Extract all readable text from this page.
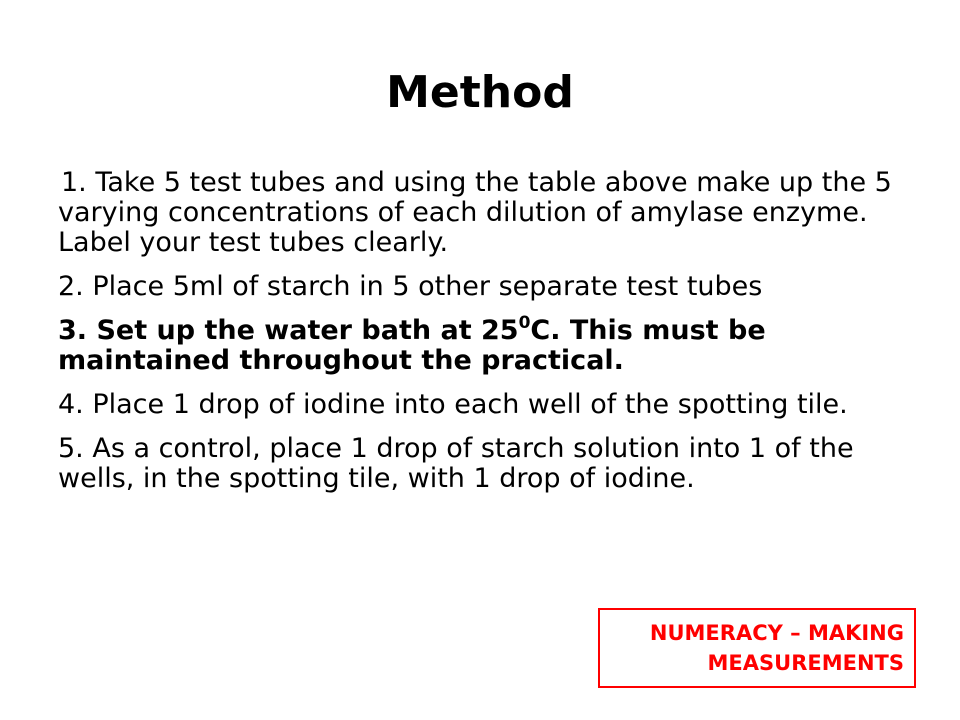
Method
1. Take 5 test tubes and using the table above make up the 5 varying concentrations of each dilution of amylase enzyme. Label your test tubes clearly.
2. Place 5ml of starch in 5 other separate test tubes
3. Set up the water bath at $25^0C$. This must be maintained throughout the practical.
4. Place 1 drop of iodine into each well of the spotting tile.
5. As a control, place 1 drop of starch solution into 1 of the wells, in the spotting tile, with 1 drop of iodine.
NUMERACY – MAKING
MEASUREMENTS
